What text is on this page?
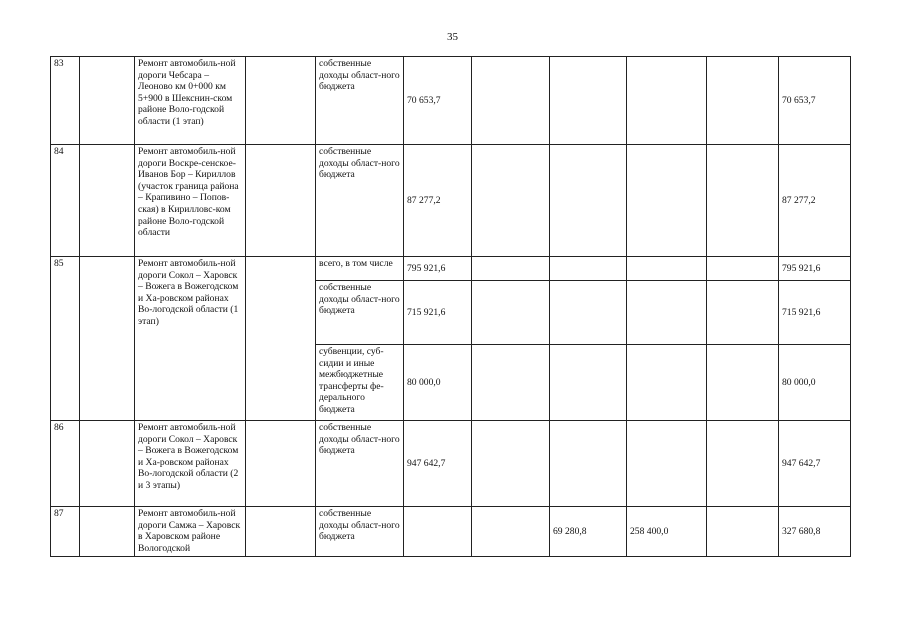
35
83		Ремонт автомобиль-ной дороги Чебсара – Леоново км 0+000 км 5+900 в Шекснин-ском районе Воло-годской области (1 этап)		собственные доходы област-ного бюджета	70 653,7					70 653,7
84		Ремонт автомобиль-ной дороги Воскре-сенское-Иванов Бор – Кириллов (участок граница района – Крапивино – Попов-ская) в Кирилловс-ком районе Воло-годской области		собственные доходы област-ного бюджета	87 277,2					87 277,2
85		Ремонт автомобиль-ной дороги Сокол – Харовск – Вожега в Вожегодском и Ха-ровском районах Во-логодской области (1 этап)		всего, в том числе	795 921,6					795 921,6
				собственные доходы област-ного бюджета	715 921,6					715 921,6
				субвенции, суб-сидии и иные межбюджетные трансферты фе-дерального бюджета	80 000,0					80 000,0
86		Ремонт автомобиль-ной дороги Сокол – Харовск – Вожега в Вожегодском и Ха-ровском районах Во-логодской области (2 и 3 этапы)		собственные доходы област-ного бюджета	947 642,7					947 642,7
87		Ремонт автомобиль-ной дороги Самжа – Харовск в Харовском районе Вологодской		собственные доходы област-ного бюджета			69 280,8	258 400,0		327 680,8
